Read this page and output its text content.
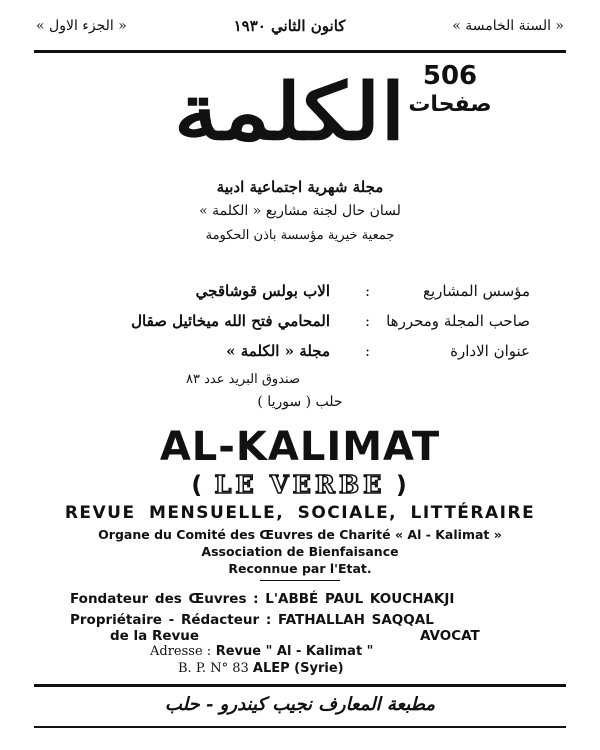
« السنة الخامسة »
كانون الثاني ١٩٣٠
« الجزء الاول »
506
صفحات
الكلمة
مجلة شهرية اجتماعية ادبية
لسان حال لجنة مشاريع « الكلمة »
جمعية خيرية مؤسسة باذن الحكومة
مؤسس المشاريع
:
الاب بولس قوشاقجي
صاحب المجلة ومحررها
:
المحامي فتح الله ميخائيل صقال
عنوان الادارة
:
مجلة « الكلمة »
صندوق البريد عدد ٨٣
حلب ( سوريا )
AL-KALIMAT
( LE VERBE )
REVUE MENSUELLE, SOCIALE, LITTÉRAIRE
Organe du Comité des Œuvres de Charité « Al - Kalimat »
Association de Bienfaisance
Reconnue par l'Etat.
Fondateur des Œuvres : L'ABBÉ PAUL KOUCHAKJI
Propriétaire - Rédacteur : FATHALLAH SAQQAL
de la Revue	AVOCAT
Adresse : Revue " Al - Kalimat "
B. P. N° 83 ALEP (Syrie)
مطبعة المعارف نجيب كيندرو - حلب
